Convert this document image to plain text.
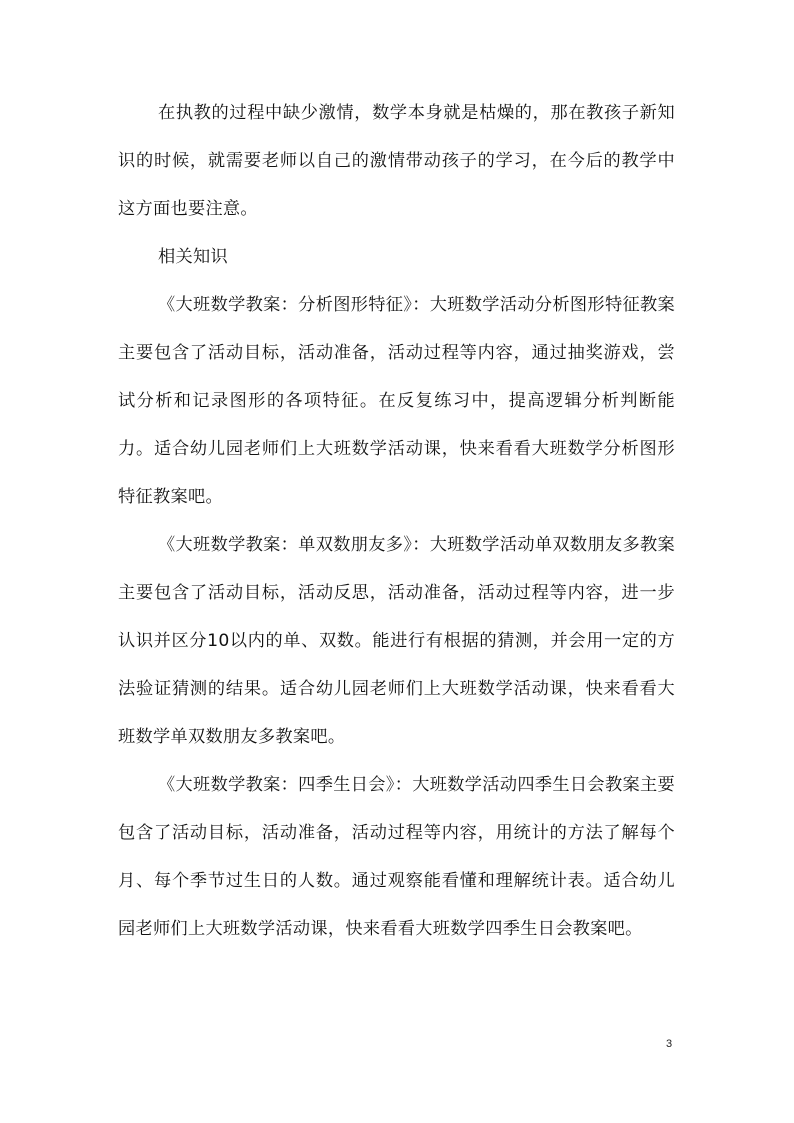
在执教的过程中缺少激情，数学本身就是枯燥的，那在教孩子新知识的时候，就需要老师以自己的激情带动孩子的学习，在今后的教学中这方面也要注意。

相关知识

《大班数学教案：分析图形特征》：大班数学活动分析图形特征教案主要包含了活动目标，活动准备，活动过程等内容，通过抽奖游戏，尝试分析和记录图形的各项特征。在反复练习中，提高逻辑分析判断能力。适合幼儿园老师们上大班数学活动课，快来看看大班数学分析图形特征教案吧。

《大班数学教案：单双数朋友多》：大班数学活动单双数朋友多教案主要包含了活动目标，活动反思，活动准备，活动过程等内容，进一步认识并区分10以内的单、双数。能进行有根据的猜测，并会用一定的方法验证猜测的结果。适合幼儿园老师们上大班数学活动课，快来看看大班数学单双数朋友多教案吧。

《大班数学教案：四季生日会》：大班数学活动四季生日会教案主要包含了活动目标，活动准备，活动过程等内容，用统计的方法了解每个月、每个季节过生日的人数。通过观察能看懂和理解统计表。适合幼儿园老师们上大班数学活动课，快来看看大班数学四季生日会教案吧。

3
